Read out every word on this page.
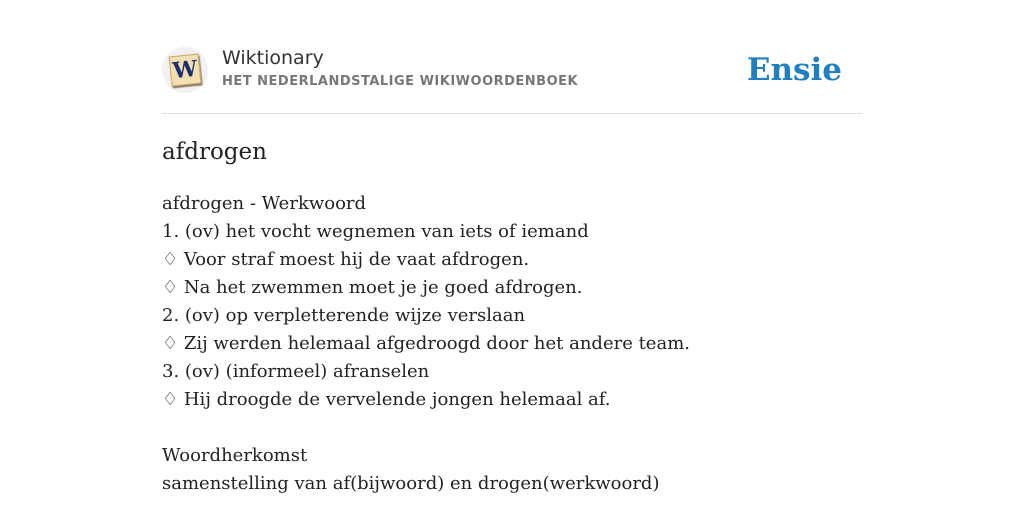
W Wiktionary
HET NEDERLANDSTALIGE WIKIWOORDENBOEK	Ensie
afdrogen
afdrogen - Werkwoord
1. (ov) het vocht wegnemen van iets of iemand
♢ Voor straf moest hij de vaat afdrogen.
♢ Na het zwemmen moet je je goed afdrogen.
2. (ov) op verpletterende wijze verslaan
♢ Zij werden helemaal afgedroogd door het andere team.
3. (ov) (informeel) afranselen
♢ Hij droogde de vervelende jongen helemaal af.
Woordherkomst
samenstelling van af(bijwoord) en drogen(werkwoord)
